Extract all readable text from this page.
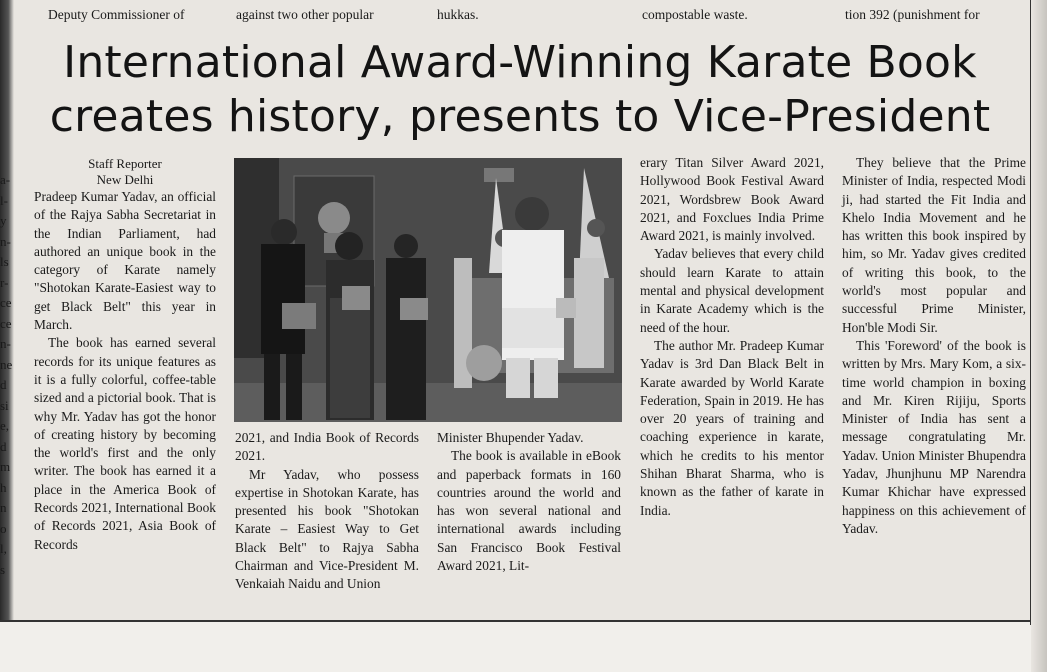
a-
l-
y
n-
ls
r-
ce
ce
n-
ne
d
si
e,
d
m
h
n
o
l,
s
Deputy Commissioner of	against two other popular	hukkas.	compostable waste.	tion 392 (punishment for
International Award-Winning Karate Book
creates history, presents to Vice-President
Staff Reporter
New Delhi

Pradeep Kumar Yadav, an official of the Rajya Sabha Secretariat in the Indian Parliament, had authored an unique book in the category of Karate namely "Shotokan Karate-Easiest way to get Black Belt" this year in March.

The book has earned several records for its unique features as it is a fully colorful, coffee-table sized and a pictorial book. That is why Mr. Yadav has got the honor of creating history by becoming the world's first and the only writer. The book has earned it a place in the America Book of Records 2021, International Book of Records 2021, Asia Book of Records

2021, and India Book of Records 2021.

Mr Yadav, who possess expertise in Shotokan Karate, has presented his book "Shotokan Karate – Easiest Way to Get Black Belt" to Rajya Sabha Chairman and Vice-President M. Venkaiah Naidu and Union

Minister Bhupender Yadav.

The book is available in eBook and paperback formats in 160 countries around the world and has won several national and international awards including San Francisco Book Festival Award 2021, Lit-

erary Titan Silver Award 2021, Hollywood Book Festival Award 2021, Wordsbrew Book Award 2021, and Foxclues India Prime Award 2021, is mainly involved.

Yadav believes that every child should learn Karate to attain mental and physical development in Karate Academy which is the need of the hour.

The author Mr. Pradeep Kumar Yadav is 3rd Dan Black Belt in Karate awarded by World Karate Federation, Spain in 2019. He has over 20 years of training and coaching experience in karate, which he credits to his mentor Shihan Bharat Sharma, who is known as the father of karate in India.

They believe that the Prime Minister of India, respected Modi ji, had started the Fit India and Khelo India Movement and he has written this book inspired by him, so Mr. Yadav gives credited of writing this book, to the world's most popular and successful Prime Minister, Hon'ble Modi Sir.

This 'Foreword' of the book is written by Mrs. Mary Kom, a six-time world champion in boxing and Mr. Kiren Rijiju, Sports Minister of India has sent a message congratulating Mr. Yadav. Union Minister Bhupendra Yadav, Jhunjhunu MP Narendra Kumar Khichar have expressed happiness on this achievement of Yadav.
